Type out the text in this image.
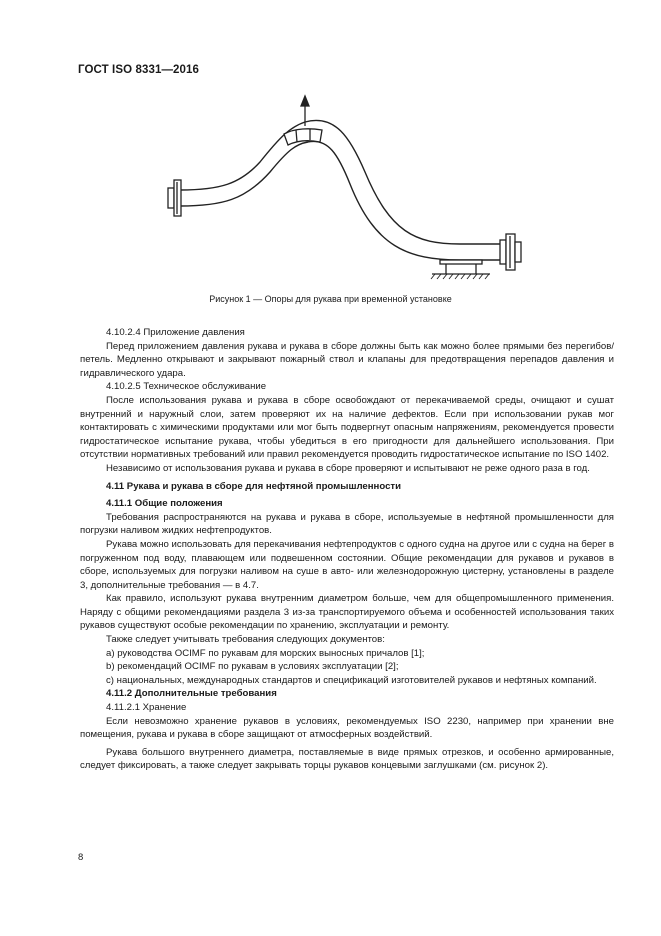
ГОСТ ISO 8331—2016
Рисунок 1 — Опоры для рукава при временной установке

4.10.2.4 Приложение давления

Перед приложением давления рукава и рукава в сборе должны быть как можно более прямыми без перегибов/петель. Медленно открывают и закрывают пожарный ствол и клапаны для предотвращения перепадов давления и гидравлического удара.

4.10.2.5 Техническое обслуживание

После использования рукава и рукава в сборе освобождают от перекачиваемой среды, очищают и сушат внутренний и наружный слои, затем проверяют их на наличие дефектов. Если при использовании рукав мог контактировать с химическими продуктами или мог быть подвергнут опасным напряжениям, рекомендуется провести гидростатическое испытание рукава, чтобы убедиться в его пригодности для дальнейшего использования. При отсутствии нормативных требований или правил рекомендуется проводить гидростатическое испытание по ISO 1402.

Независимо от использования рукава и рукава в сборе проверяют и испытывают не реже одного раза в год.

4.11 Рукава и рукава в сборе для нефтяной промышленности

4.11.1 Общие положения

Требования распространяются на рукава и рукава в сборе, используемые в нефтяной промышленности для погрузки наливом жидких нефтепродуктов.

Рукава можно использовать для перекачивания нефтепродуктов с одного судна на другое или с судна на берег в погруженном под воду, плавающем или подвешенном состоянии. Общие рекомендации для рукавов и рукавов в сборе, используемых для погрузки наливом на суше в авто- или железнодорожную цистерну, установлены в разделе 3, дополнительные требования — в 4.7.

Как правило, используют рукава внутренним диаметром больше, чем для общепромышленного применения. Наряду с общими рекомендациями раздела 3 из-за транспортируемого объема и особенностей использования таких рукавов существуют особые рекомендации по хранению, эксплуатации и ремонту.

Также следует учитывать требования следующих документов:

a) руководства OCIMF по рукавам для морских выносных причалов [1];

b) рекомендаций OCIMF по рукавам в условиях эксплуатации [2];

c) национальных, международных стандартов и спецификаций изготовителей рукавов и нефтяных компаний.

4.11.2 Дополнительные требования

4.11.2.1 Хранение

Если невозможно хранение рукавов в условиях, рекомендуемых ISO 2230, например при хранении вне помещения, рукава и рукава в сборе защищают от атмосферных воздействий.

Рукава большого внутреннего диаметра, поставляемые в виде прямых отрезков, и особенно армированные, следует фиксировать, а также следует закрывать торцы рукавов концевыми заглушками (см. рисунок 2).

8
